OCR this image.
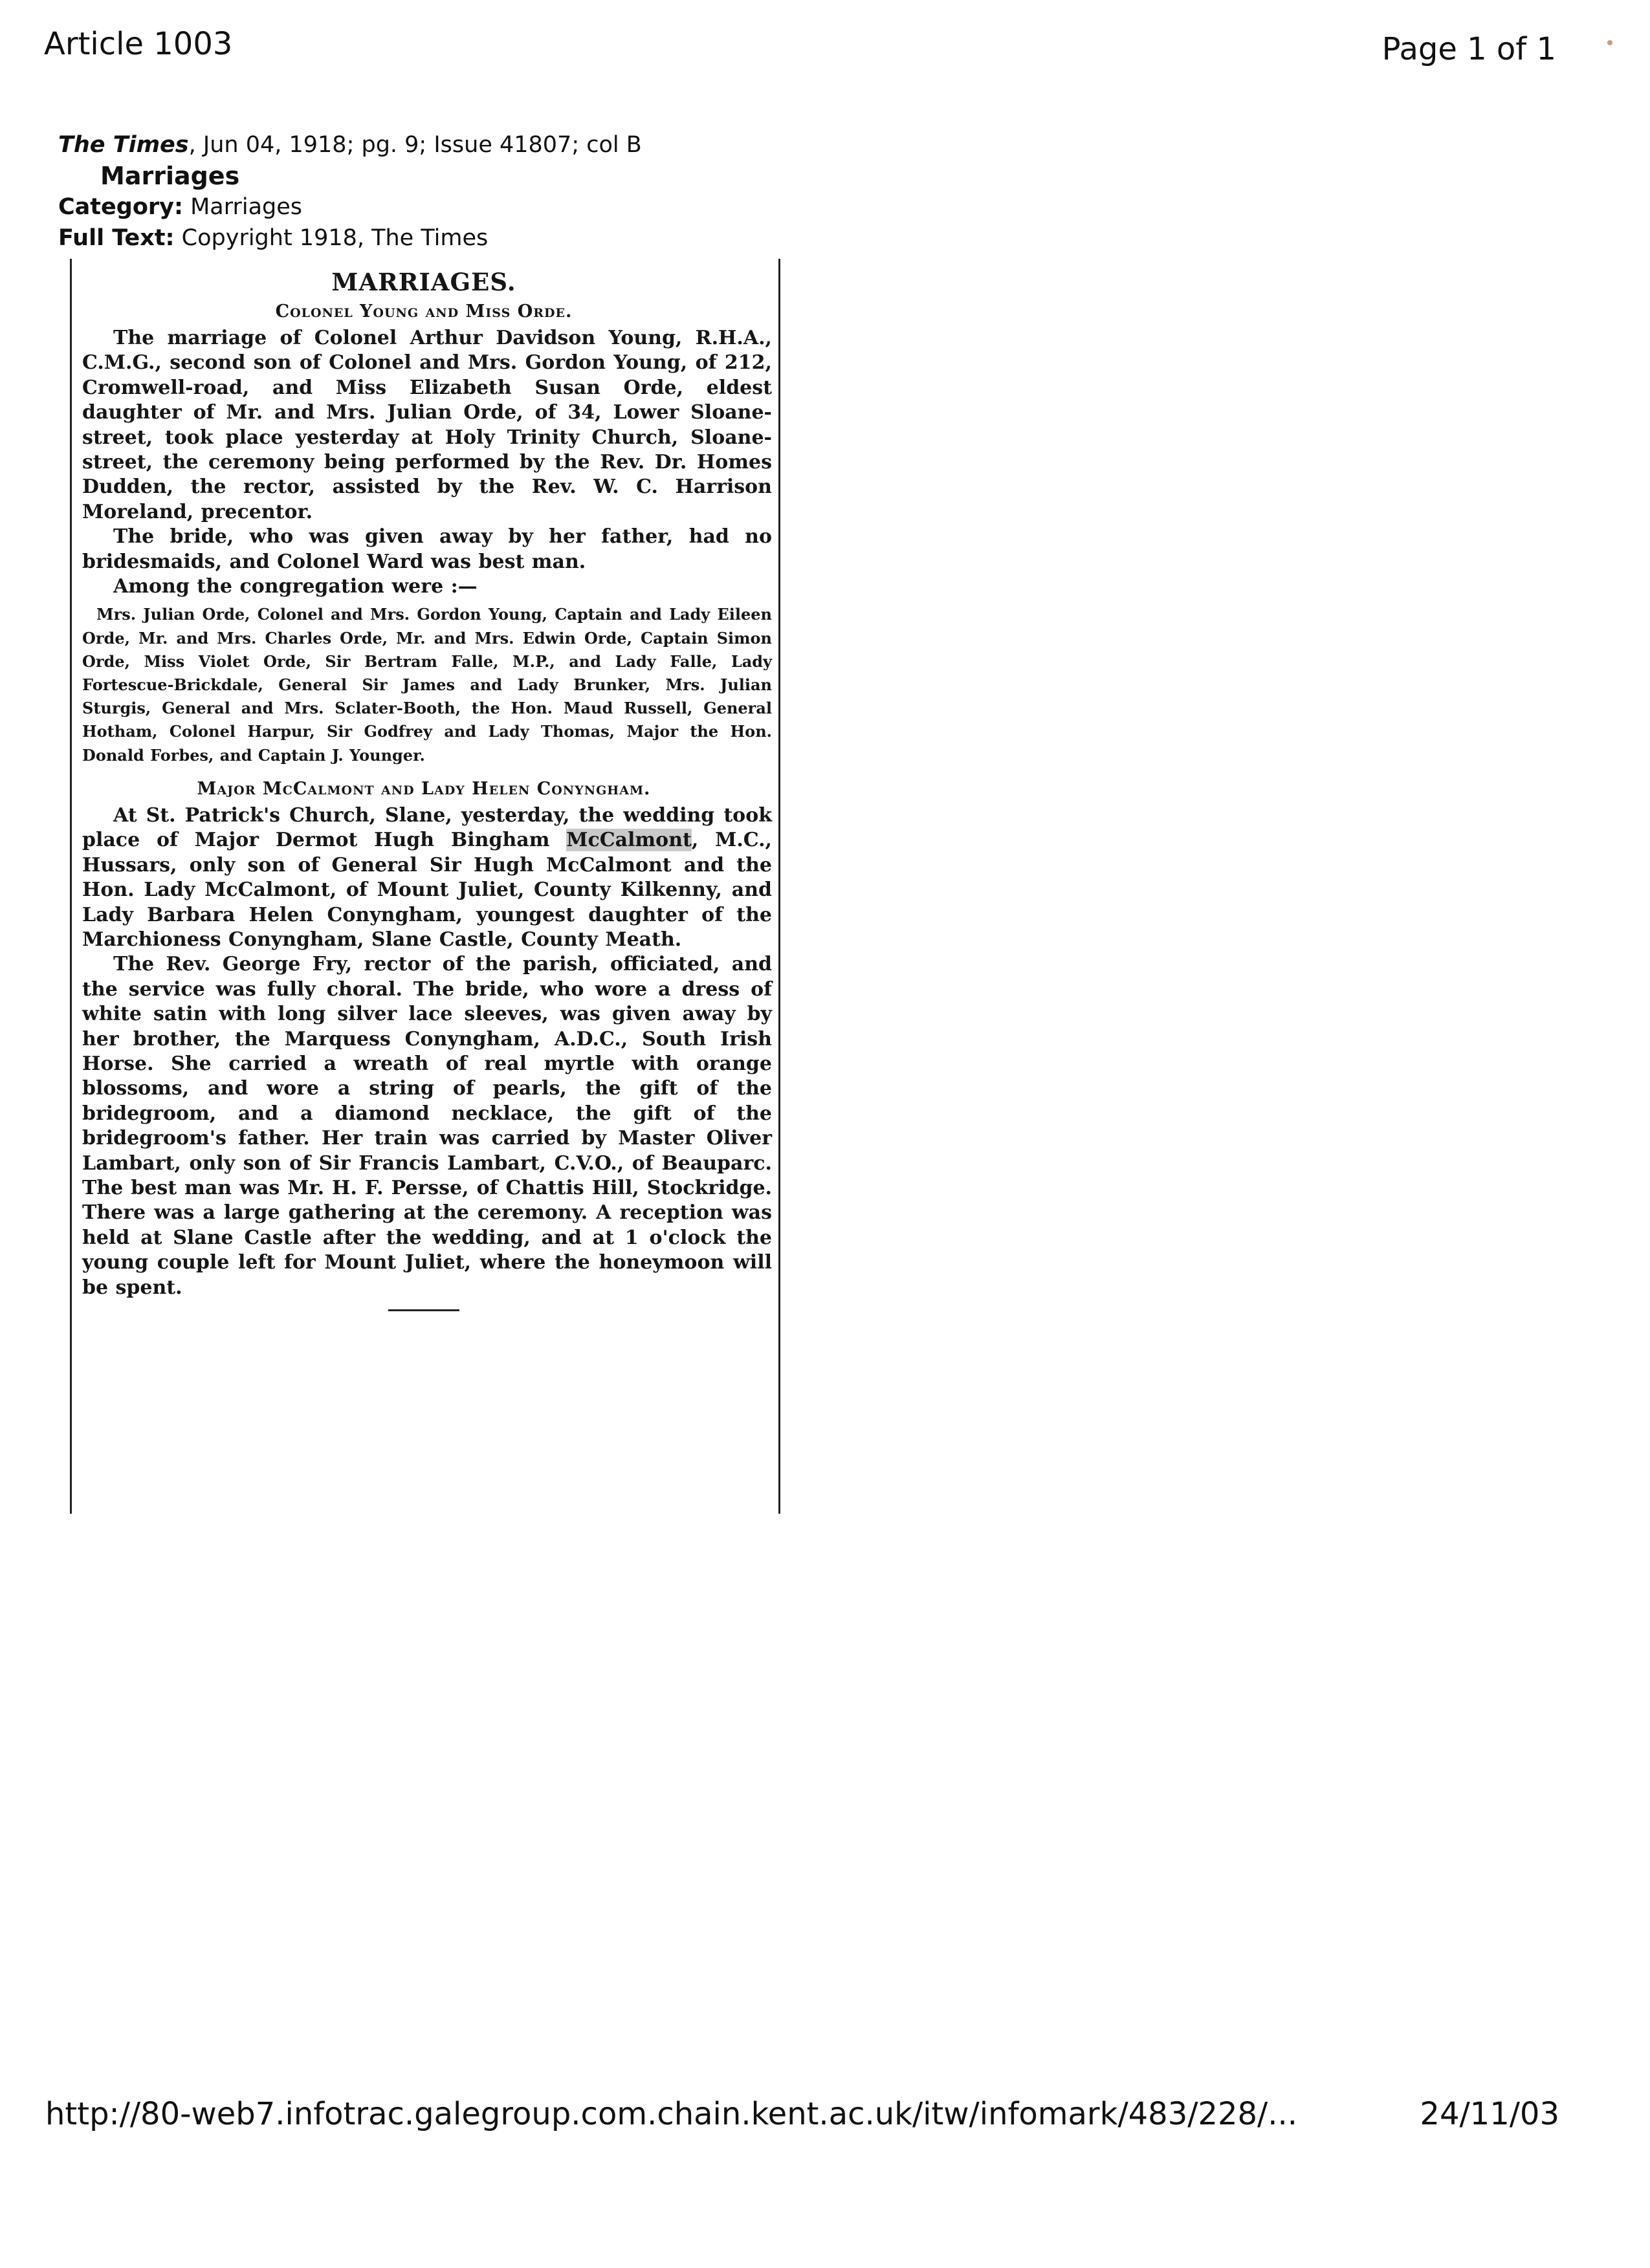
Article 1003	Page 1 of 1
The Times, Jun 04, 1918; pg. 9; Issue 41807; col B
Marriages
Category: Marriages
Full Text: Copyright 1918, The Times
MARRIAGES.
Colonel Young and Miss Orde.

The marriage of Colonel Arthur Davidson Young, R.H.A., C.M.G., second son of Colonel and Mrs. Gordon Young, of 212, Cromwell-road, and Miss Elizabeth Susan Orde, eldest daughter of Mr. and Mrs. Julian Orde, of 34, Lower Sloane-street, took place yesterday at Holy Trinity Church, Sloane-street, the ceremony being performed by the Rev. Dr. Homes Dudden, the rector, assisted by the Rev. W. C. Harrison Moreland, precentor.

The bride, who was given away by her father, had no bridesmaids, and Colonel Ward was best man.

Among the congregation were :—

Mrs. Julian Orde, Colonel and Mrs. Gordon Young, Captain and Lady Eileen Orde, Mr. and Mrs. Charles Orde, Mr. and Mrs. Edwin Orde, Captain Simon Orde, Miss Violet Orde, Sir Bertram Falle, M.P., and Lady Falle, Lady Fortescue-Brickdale, General Sir James and Lady Brunker, Mrs. Julian Sturgis, General and Mrs. Sclater-Booth, the Hon. Maud Russell, General Hotham, Colonel Harpur, Sir Godfrey and Lady Thomas, Major the Hon. Donald Forbes, and Captain J. Younger.

Major McCalmont and Lady Helen Conyngham.

At St. Patrick's Church, Slane, yesterday, the wedding took place of Major Dermot Hugh Bingham McCalmont, M.C., Hussars, only son of General Sir Hugh McCalmont and the Hon. Lady McCalmont, of Mount Juliet, County Kilkenny, and Lady Barbara Helen Conyngham, youngest daughter of the Marchioness Conyngham, Slane Castle, County Meath.

The Rev. George Fry, rector of the parish, officiated, and the service was fully choral. The bride, who wore a dress of white satin with long silver lace sleeves, was given away by her brother, the Marquess Conyngham, A.D.C., South Irish Horse. She carried a wreath of real myrtle with orange blossoms, and wore a string of pearls, the gift of the bridegroom, and a diamond necklace, the gift of the bridegroom's father. Her train was carried by Master Oliver Lambart, only son of Sir Francis Lambart, C.V.O., of Beauparc. The best man was Mr. H. F. Persse, of Chattis Hill, Stockridge. There was a large gathering at the ceremony. A reception was held at Slane Castle after the wedding, and at 1 o'clock the young couple left for Mount Juliet, where the honeymoon will be spent.

http://80-web7.infotrac.galegroup.com.chain.kent.ac.uk/itw/infomark/483/228/...	24/11/03
